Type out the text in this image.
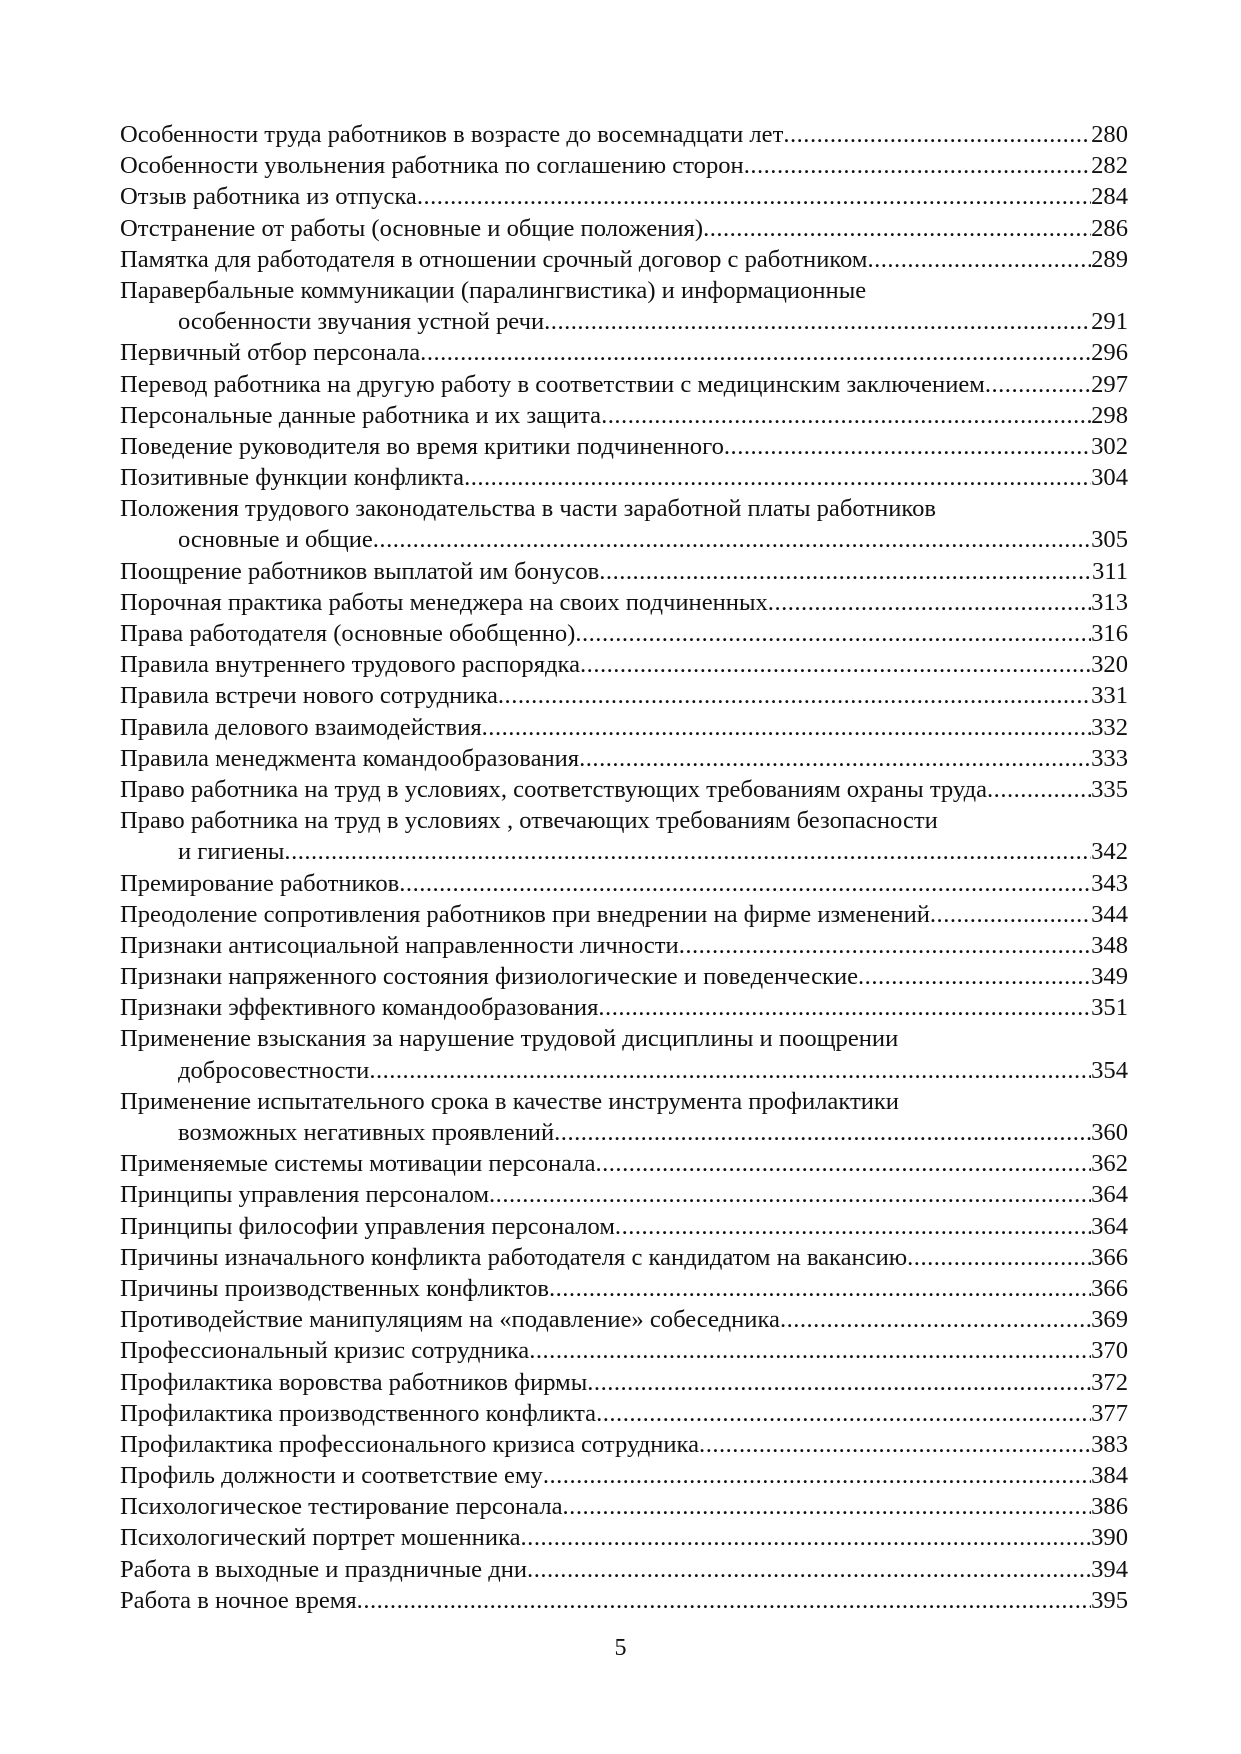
Особенности труда работников в возрасте до восемнадцати лет .....	280
Особенности увольнения работника по соглашению сторон .....	282
Отзыв работника из отпуска .....	284
Отстранение от работы (основные и общие положения) .....	286
Памятка для работодателя в отношении срочный договор с работником .....	289
Паравербальные коммуникации (паралингвистика) и информационные
особенности звучания устной речи .....	291
Первичный отбор персонала .....	296
Перевод работника на другую работу в соответствии с медицинским заключением .....	297
Персональные данные работника и их защита .....	298
Поведение руководителя во время критики подчиненного .....	302
Позитивные функции конфликта .....	304
Положения трудового законодательства в части заработной платы работников
основные и общие .....	305
Поощрение работников выплатой им бонусов .....	311
Порочная практика работы менеджера на своих подчиненных .....	313
Права работодателя (основные обобщенно) .....	316
Правила внутреннего трудового распорядка .....	320
Правила встречи нового сотрудника .....	331
Правила делового взаимодействия .....	332
Правила менеджмента командообразования .....	333
Право работника на труд в условиях, соответствующих требованиям охраны труда .....	335
Право работника на труд в условиях , отвечающих требованиям безопасности
и гигиены .....	342
Премирование работников .....	343
Преодоление сопротивления работников при внедрении на фирме изменений .....	344
Признаки антисоциальной направленности личности .....	348
Признаки напряженного состояния физиологические и поведенческие .....	349
Признаки эффективного командообразования .....	351
Применение взыскания за нарушение трудовой дисциплины и поощрении
добросовестности .....	354
Применение испытательного срока в качестве инструмента профилактики
возможных негативных проявлений .....	360
Применяемые системы мотивации персонала .....	362
Принципы управления персоналом .....	364
Принципы философии управления персоналом .....	364
Причины изначального конфликта работодателя с кандидатом на вакансию .....	366
Причины производственных конфликтов .....	366
Противодействие манипуляциям на «подавление» собеседника .....	369
Профессиональный кризис сотрудника .....	370
Профилактика воровства работников фирмы .....	372
Профилактика производственного конфликта .....	377
Профилактика профессионального кризиса сотрудника .....	383
Профиль должности и соответствие ему .....	384
Психологическое тестирование персонала .....	386
Психологический портрет мошенника .....	390
Работа в выходные и праздничные дни .....	394
Работа в ночное время .....	395
5
